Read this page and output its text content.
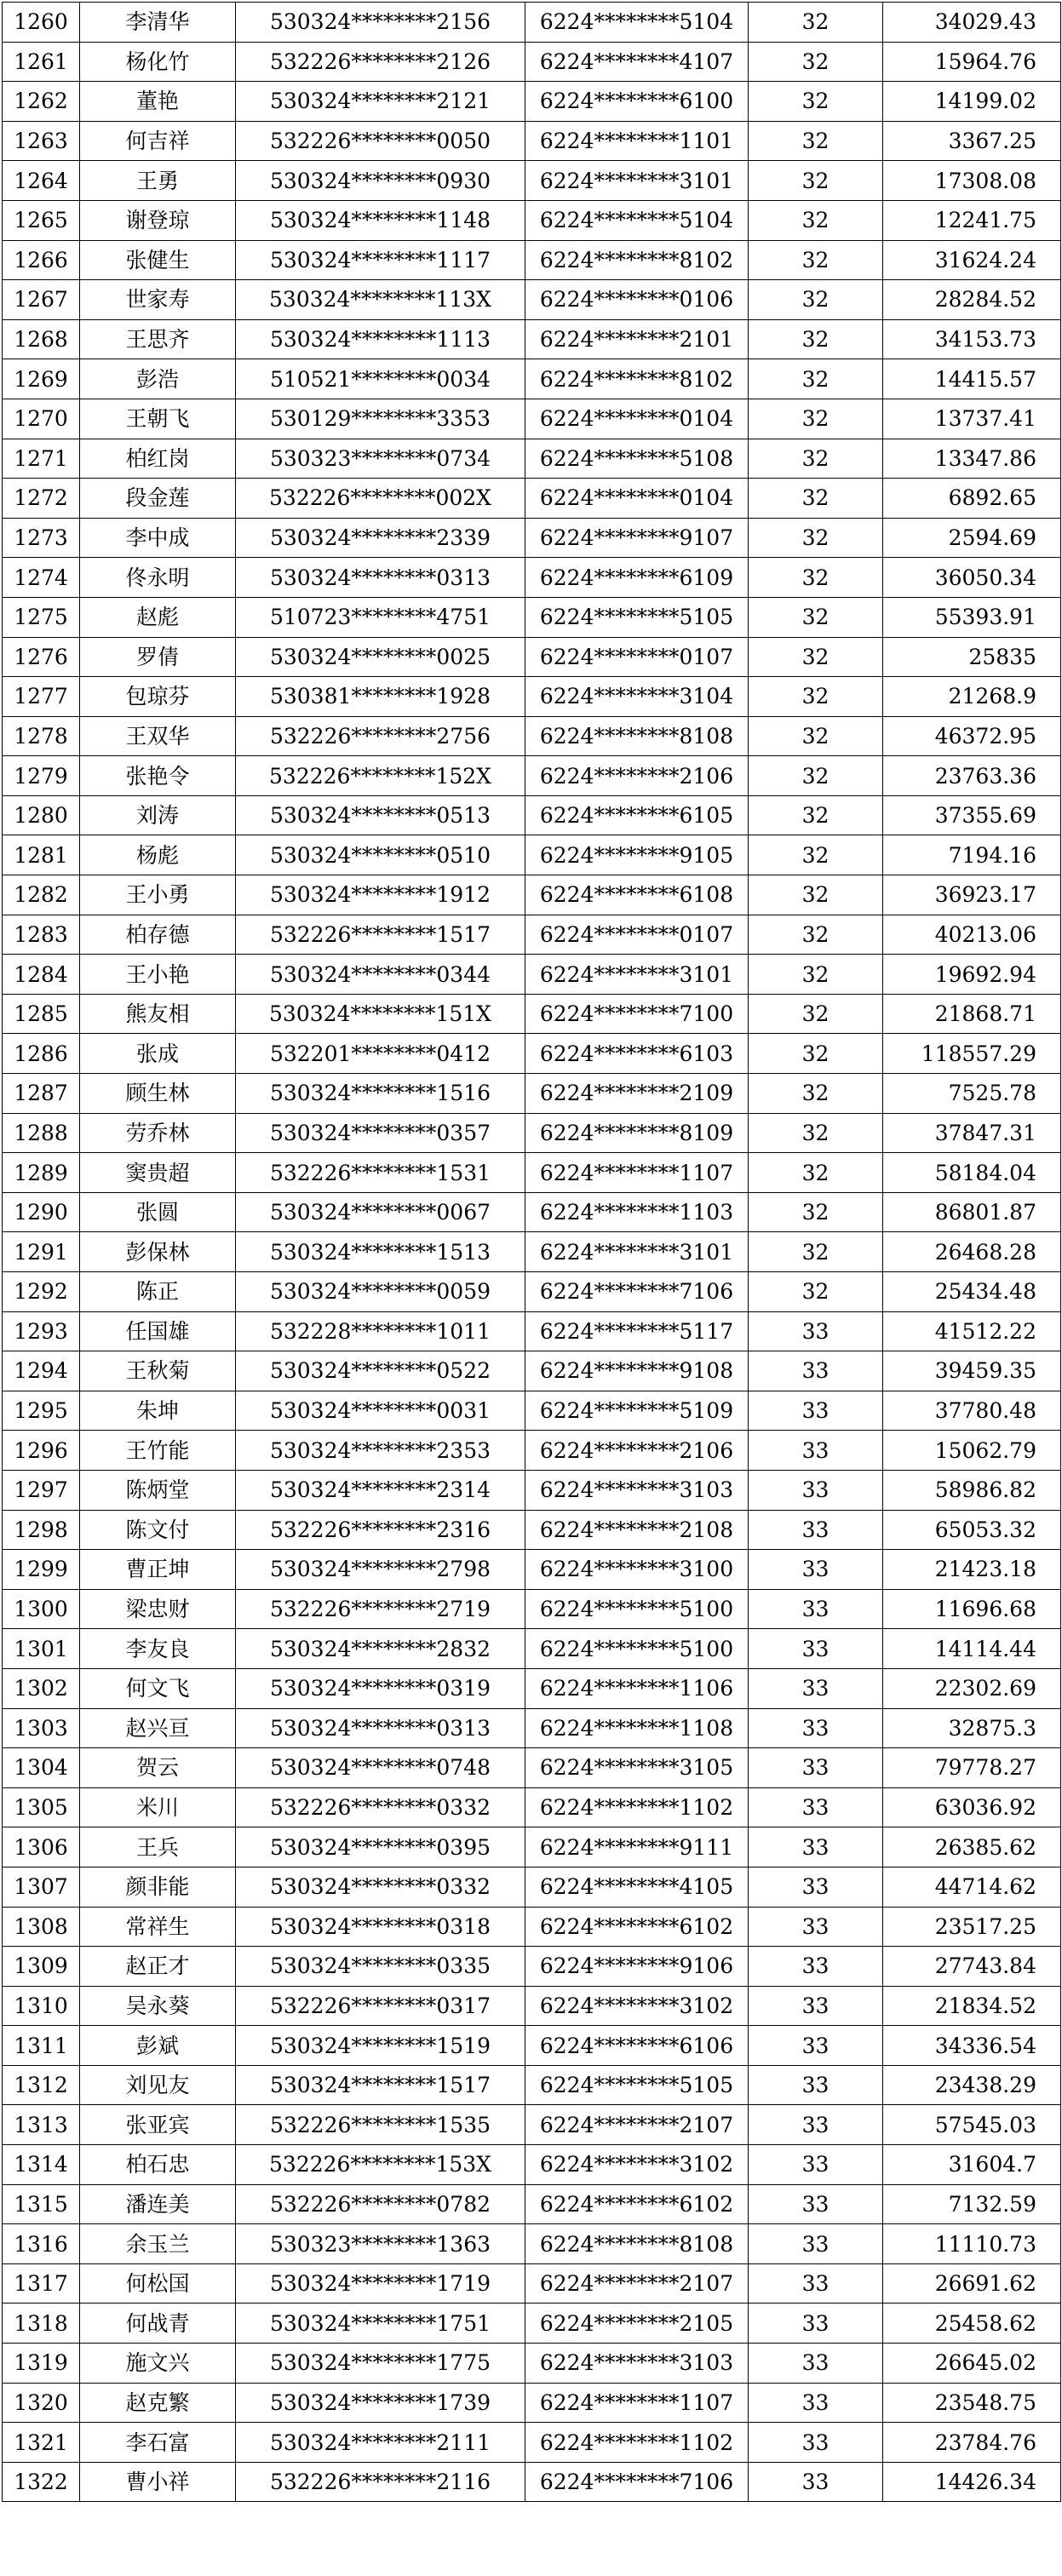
1260	李清华	530324********2156	6224********5104	32	34029.43
1261	杨化竹	532226********2126	6224********4107	32	15964.76
1262	董艳	530324********2121	6224********6100	32	14199.02
1263	何吉祥	532226********0050	6224********1101	32	3367.25
1264	王勇	530324********0930	6224********3101	32	17308.08
1265	谢登琼	530324********1148	6224********5104	32	12241.75
1266	张健生	530324********1117	6224********8102	32	31624.24
1267	世家寿	530324********113X	6224********0106	32	28284.52
1268	王思齐	530324********1113	6224********2101	32	34153.73
1269	彭浩	510521********0034	6224********8102	32	14415.57
1270	王朝飞	530129********3353	6224********0104	32	13737.41
1271	柏红岗	530323********0734	6224********5108	32	13347.86
1272	段金莲	532226********002X	6224********0104	32	6892.65
1273	李中成	530324********2339	6224********9107	32	2594.69
1274	佟永明	530324********0313	6224********6109	32	36050.34
1275	赵彪	510723********4751	6224********5105	32	55393.91
1276	罗倩	530324********0025	6224********0107	32	25835
1277	包琼芬	530381********1928	6224********3104	32	21268.9
1278	王双华	532226********2756	6224********8108	32	46372.95
1279	张艳令	532226********152X	6224********2106	32	23763.36
1280	刘涛	530324********0513	6224********6105	32	37355.69
1281	杨彪	530324********0510	6224********9105	32	7194.16
1282	王小勇	530324********1912	6224********6108	32	36923.17
1283	柏存德	532226********1517	6224********0107	32	40213.06
1284	王小艳	530324********0344	6224********3101	32	19692.94
1285	熊友相	530324********151X	6224********7100	32	21868.71
1286	张成	532201********0412	6224********6103	32	118557.29
1287	顾生林	530324********1516	6224********2109	32	7525.78
1288	劳乔林	530324********0357	6224********8109	32	37847.31
1289	窦贵超	532226********1531	6224********1107	32	58184.04
1290	张圆	530324********0067	6224********1103	32	86801.87
1291	彭保林	530324********1513	6224********3101	32	26468.28
1292	陈正	530324********0059	6224********7106	32	25434.48
1293	任国雄	532228********1011	6224********5117	33	41512.22
1294	王秋菊	530324********0522	6224********9108	33	39459.35
1295	朱坤	530324********0031	6224********5109	33	37780.48
1296	王竹能	530324********2353	6224********2106	33	15062.79
1297	陈炳堂	530324********2314	6224********3103	33	58986.82
1298	陈文付	532226********2316	6224********2108	33	65053.32
1299	曹正坤	530324********2798	6224********3100	33	21423.18
1300	梁忠财	532226********2719	6224********5100	33	11696.68
1301	李友良	530324********2832	6224********5100	33	14114.44
1302	何文飞	530324********0319	6224********1106	33	22302.69
1303	赵兴亘	530324********0313	6224********1108	33	32875.3
1304	贺云	530324********0748	6224********3105	33	79778.27
1305	米川	532226********0332	6224********1102	33	63036.92
1306	王兵	530324********0395	6224********9111	33	26385.62
1307	颜非能	530324********0332	6224********4105	33	44714.62
1308	常祥生	530324********0318	6224********6102	33	23517.25
1309	赵正才	530324********0335	6224********9106	33	27743.84
1310	吴永葵	532226********0317	6224********3102	33	21834.52
1311	彭斌	530324********1519	6224********6106	33	34336.54
1312	刘见友	530324********1517	6224********5105	33	23438.29
1313	张亚宾	532226********1535	6224********2107	33	57545.03
1314	柏石忠	532226********153X	6224********3102	33	31604.7
1315	潘连美	532226********0782	6224********6102	33	7132.59
1316	余玉兰	530323********1363	6224********8108	33	11110.73
1317	何松国	530324********1719	6224********2107	33	26691.62
1318	何战青	530324********1751	6224********2105	33	25458.62
1319	施文兴	530324********1775	6224********3103	33	26645.02
1320	赵克繁	530324********1739	6224********1107	33	23548.75
1321	李石富	530324********2111	6224********1102	33	23784.76
1322	曹小祥	532226********2116	6224********7106	33	14426.34
